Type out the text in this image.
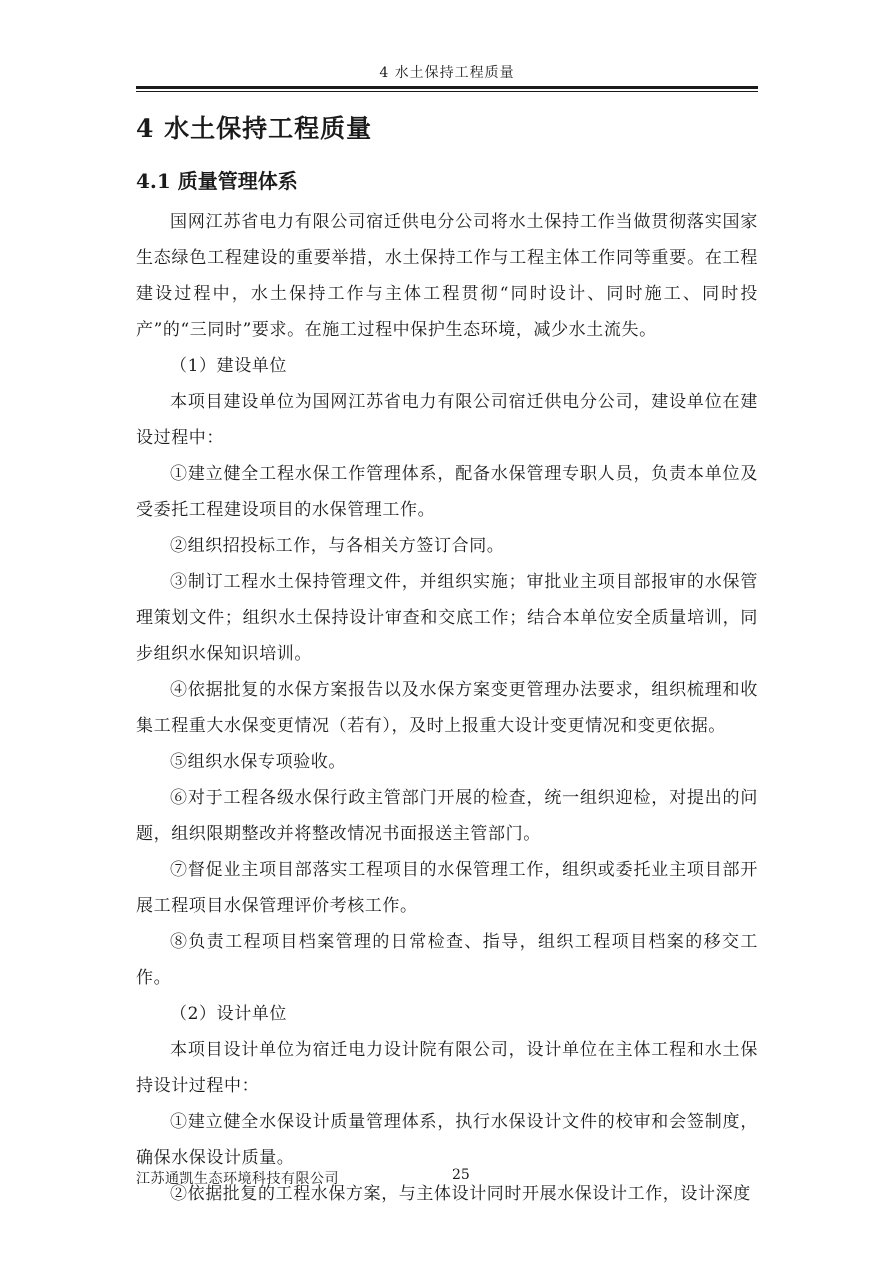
4 水土保持工程质量
4 水土保持工程质量
4.1 质量管理体系

国网江苏省电力有限公司宿迁供电分公司将水土保持工作当做贯彻落实国家生态绿色工程建设的重要举措，水土保持工作与工程主体工作同等重要。在工程建设过程中，水土保持工作与主体工程贯彻“同时设计、同时施工、同时投产”的“三同时”要求。在施工过程中保护生态环境，减少水土流失。

（1）建设单位

本项目建设单位为国网江苏省电力有限公司宿迁供电分公司，建设单位在建设过程中：

①建立健全工程水保工作管理体系，配备水保管理专职人员，负责本单位及受委托工程建设项目的水保管理工作。

②组织招投标工作，与各相关方签订合同。

③制订工程水土保持管理文件，并组织实施；审批业主项目部报审的水保管理策划文件；组织水土保持设计审查和交底工作；结合本单位安全质量培训，同步组织水保知识培训。

④依据批复的水保方案报告以及水保方案变更管理办法要求，组织梳理和收集工程重大水保变更情况（若有），及时上报重大设计变更情况和变更依据。

⑤组织水保专项验收。

⑥对于工程各级水保行政主管部门开展的检查，统一组织迎检，对提出的问题，组织限期整改并将整改情况书面报送主管部门。

⑦督促业主项目部落实工程项目的水保管理工作，组织或委托业主项目部开展工程项目水保管理评价考核工作。

⑧负责工程项目档案管理的日常检查、指导，组织工程项目档案的移交工作。

（2）设计单位

本项目设计单位为宿迁电力设计院有限公司，设计单位在主体工程和水土保持设计过程中：

①建立健全水保设计质量管理体系，执行水保设计文件的校审和会签制度，确保水保设计质量。

②依据批复的工程水保方案，与主体设计同时开展水保设计工作，设计深度

江苏通凯生态环境科技有限公司	25
